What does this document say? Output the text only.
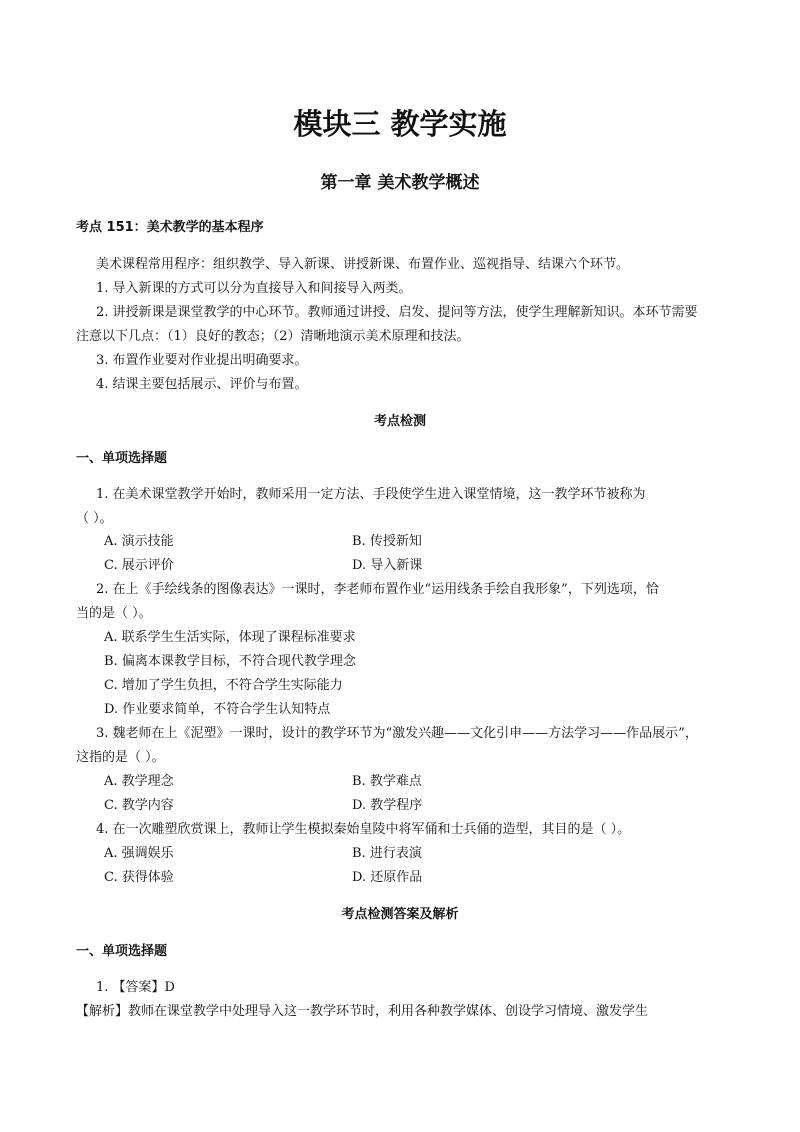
模块三 教学实施
第一章 美术教学概述
考点 151：美术教学的基本程序
美术课程常用程序：组织教学、导入新课、讲授新课、布置作业、巡视指导、结课六个环节。
1. 导入新课的方式可以分为直接导入和间接导入两类。
2. 讲授新课是课堂教学的中心环节。教师通过讲授、启发、提问等方法，使学生理解新知识。本环节需要
注意以下几点：（1）良好的教态；（2）清晰地演示美术原理和技法。
3. 布置作业要对作业提出明确要求。
4. 结课主要包括展示、评价与布置。
考点检测
一、单项选择题
1. 在美术课堂教学开始时，教师采用一定方法、手段使学生进入课堂情境，这一教学环节被称为
（ ）。
A. 演示技能	B. 传授新知
C. 展示评价	D. 导入新课
2. 在上《手绘线条的图像表达》一课时，李老师布置作业“运用线条手绘自我形象”，下列选项，恰
当的是（ ）。
A. 联系学生生活实际，体现了课程标准要求
B. 偏离本课教学目标，不符合现代教学理念
C. 增加了学生负担，不符合学生实际能力
D. 作业要求简单，不符合学生认知特点
3. 魏老师在上《泥塑》一课时，设计的教学环节为“激发兴趣——文化引申——方法学习——作品展示”，
这指的是（ ）。
A. 教学理念	B. 教学难点
C. 教学内容	D. 教学程序
4. 在一次雕塑欣赏课上，教师让学生模拟秦始皇陵中将军俑和士兵俑的造型，其目的是（ ）。
A. 强调娱乐	B. 进行表演
C. 获得体验	D. 还原作品
考点检测答案及解析
一、单项选择题
1. 【答案】D
【解析】教师在课堂教学中处理导入这一教学环节时，利用各种教学媒体、创设学习情境、激发学生
